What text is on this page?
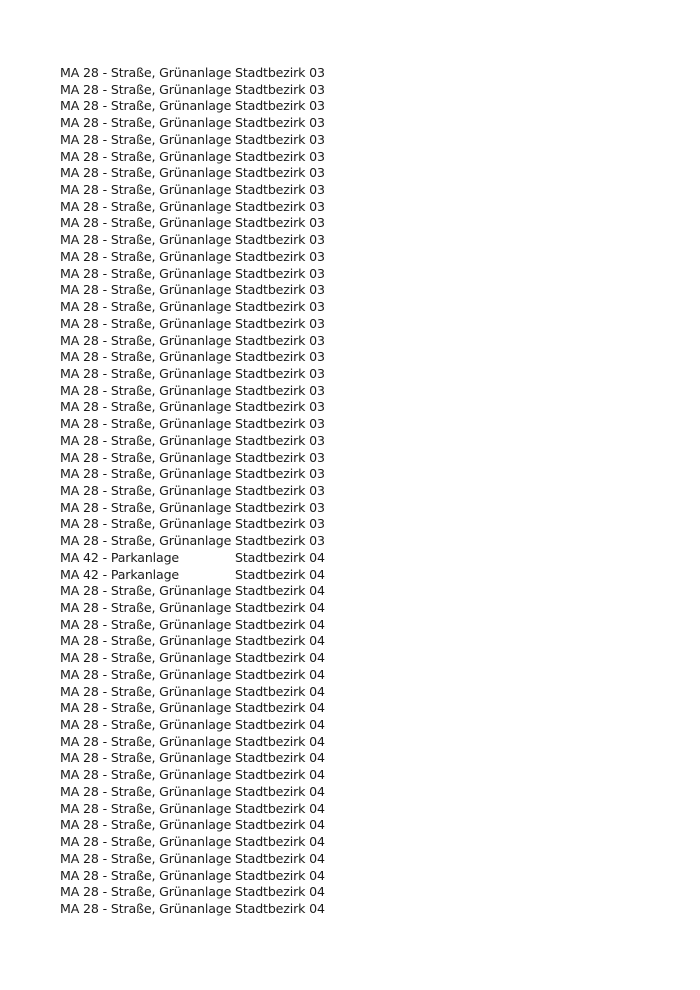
MA 28 - Straße, Grünanlage Stadtbezirk 03
MA 28 - Straße, Grünanlage Stadtbezirk 03
MA 28 - Straße, Grünanlage Stadtbezirk 03
MA 28 - Straße, Grünanlage Stadtbezirk 03
MA 28 - Straße, Grünanlage Stadtbezirk 03
MA 28 - Straße, Grünanlage Stadtbezirk 03
MA 28 - Straße, Grünanlage Stadtbezirk 03
MA 28 - Straße, Grünanlage Stadtbezirk 03
MA 28 - Straße, Grünanlage Stadtbezirk 03
MA 28 - Straße, Grünanlage Stadtbezirk 03
MA 28 - Straße, Grünanlage Stadtbezirk 03
MA 28 - Straße, Grünanlage Stadtbezirk 03
MA 28 - Straße, Grünanlage Stadtbezirk 03
MA 28 - Straße, Grünanlage Stadtbezirk 03
MA 28 - Straße, Grünanlage Stadtbezirk 03
MA 28 - Straße, Grünanlage Stadtbezirk 03
MA 28 - Straße, Grünanlage Stadtbezirk 03
MA 28 - Straße, Grünanlage Stadtbezirk 03
MA 28 - Straße, Grünanlage Stadtbezirk 03
MA 28 - Straße, Grünanlage Stadtbezirk 03
MA 28 - Straße, Grünanlage Stadtbezirk 03
MA 28 - Straße, Grünanlage Stadtbezirk 03
MA 28 - Straße, Grünanlage Stadtbezirk 03
MA 28 - Straße, Grünanlage Stadtbezirk 03
MA 28 - Straße, Grünanlage Stadtbezirk 03
MA 28 - Straße, Grünanlage Stadtbezirk 03
MA 28 - Straße, Grünanlage Stadtbezirk 03
MA 28 - Straße, Grünanlage Stadtbezirk 03
MA 28 - Straße, Grünanlage Stadtbezirk 03
MA 42 - Parkanlage	Stadtbezirk 04
MA 42 - Parkanlage	Stadtbezirk 04
MA 28 - Straße, Grünanlage Stadtbezirk 04
MA 28 - Straße, Grünanlage Stadtbezirk 04
MA 28 - Straße, Grünanlage Stadtbezirk 04
MA 28 - Straße, Grünanlage Stadtbezirk 04
MA 28 - Straße, Grünanlage Stadtbezirk 04
MA 28 - Straße, Grünanlage Stadtbezirk 04
MA 28 - Straße, Grünanlage Stadtbezirk 04
MA 28 - Straße, Grünanlage Stadtbezirk 04
MA 28 - Straße, Grünanlage Stadtbezirk 04
MA 28 - Straße, Grünanlage Stadtbezirk 04
MA 28 - Straße, Grünanlage Stadtbezirk 04
MA 28 - Straße, Grünanlage Stadtbezirk 04
MA 28 - Straße, Grünanlage Stadtbezirk 04
MA 28 - Straße, Grünanlage Stadtbezirk 04
MA 28 - Straße, Grünanlage Stadtbezirk 04
MA 28 - Straße, Grünanlage Stadtbezirk 04
MA 28 - Straße, Grünanlage Stadtbezirk 04
MA 28 - Straße, Grünanlage Stadtbezirk 04
MA 28 - Straße, Grünanlage Stadtbezirk 04
MA 28 - Straße, Grünanlage Stadtbezirk 04
